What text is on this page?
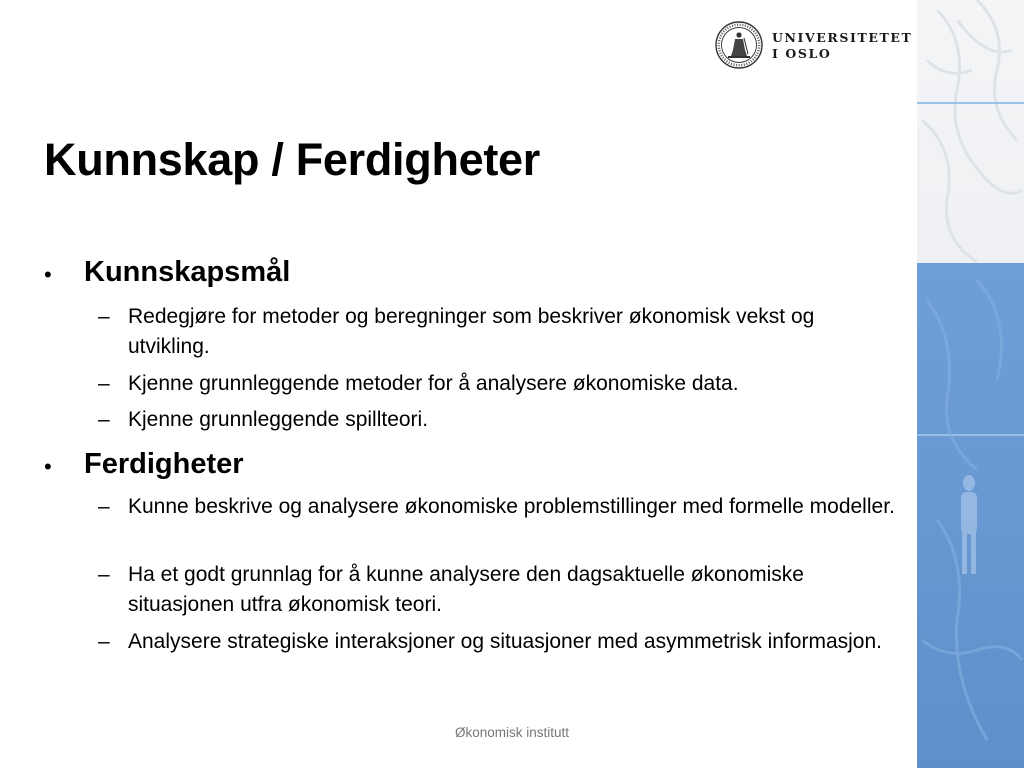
UNIVERSITETET
I OSLO
Kunnskap / Ferdigheter
• Kunnskapsmål
– Redegjøre for metoder og beregninger som beskriver økonomisk vekst og utvikling.
– Kjenne grunnleggende metoder for å analysere økonomiske data.
– Kjenne grunnleggende spillteori.
• Ferdigheter
– Kunne beskrive og analysere økonomiske problemstillinger med formelle modeller.
– Ha et godt grunnlag for å kunne analysere den dagsaktuelle økonomiske situasjonen utfra økonomisk teori.
– Analysere strategiske interaksjoner og situasjoner med asymmetrisk informasjon.
Økonomisk institutt
